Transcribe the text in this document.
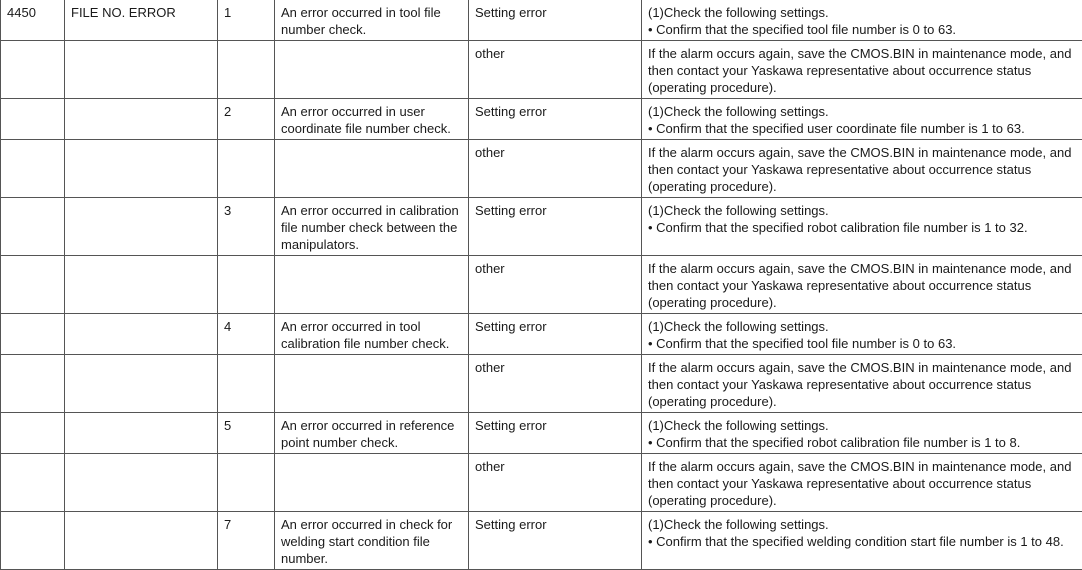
4450	FILE NO. ERROR	1	An error occurred in tool file number check.	Setting error	(1)Check the following settings.
• Confirm that the specified tool file number is 0 to 63.

				other	If the alarm occurs again, save the CMOS.BIN in maintenance mode, and then contact your Yaskawa representative about occurrence status (operating procedure).

		2	An error occurred in user coordinate file number check.	Setting error	(1)Check the following settings.
• Confirm that the specified user coordinate file number is 1 to 63.

				other	If the alarm occurs again, save the CMOS.BIN in maintenance mode, and then contact your Yaskawa representative about occurrence status (operating procedure).

		3	An error occurred in calibration file number check between the manipulators.	Setting error	(1)Check the following settings.
• Confirm that the specified robot calibration file number is 1 to 32.

				other	If the alarm occurs again, save the CMOS.BIN in maintenance mode, and then contact your Yaskawa representative about occurrence status (operating procedure).

		4	An error occurred in tool calibration file number check.	Setting error	(1)Check the following settings.
• Confirm that the specified tool file number is 0 to 63.

				other	If the alarm occurs again, save the CMOS.BIN in maintenance mode, and then contact your Yaskawa representative about occurrence status (operating procedure).

		5	An error occurred in reference point number check.	Setting error	(1)Check the following settings.
• Confirm that the specified robot calibration file number is 1 to 8.

				other	If the alarm occurs again, save the CMOS.BIN in maintenance mode, and then contact your Yaskawa representative about occurrence status (operating procedure).

		7	An error occurred in check for welding start condition file number.	Setting error	(1)Check the following settings.
• Confirm that the specified welding condition start file number is 1 to 48.
